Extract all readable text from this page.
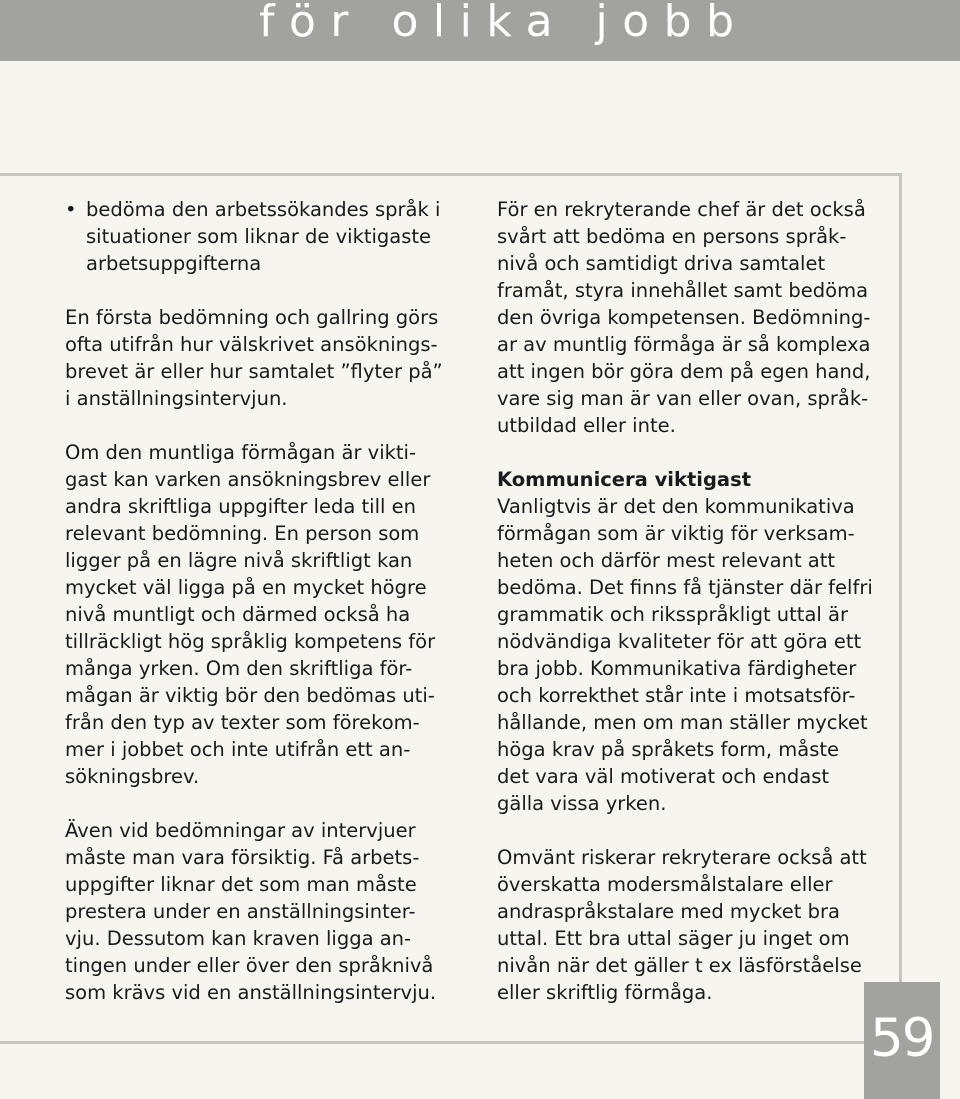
för olika jobb
• bedöma den arbetssökandes språk i
situationer som liknar de viktigaste
arbetsuppgifterna
En första bedömning och gallring görs
ofta utifrån hur välskrivet ansöknings-
brevet är eller hur samtalet ”flyter på”
i anställningsintervjun.
Om den muntliga förmågan är vikti-
gast kan varken ansökningsbrev eller
andra skriftliga uppgifter leda till en
relevant bedömning. En person som
ligger på en lägre nivå skriftligt kan
mycket väl ligga på en mycket högre
nivå muntligt och därmed också ha
tillräckligt hög språklig kompetens för
många yrken. Om den skriftliga för-
mågan är viktig bör den bedömas uti-
från den typ av texter som förekom-
mer i jobbet och inte utifrån ett an-
sökningsbrev.
Även vid bedömningar av intervjuer
måste man vara försiktig. Få arbets-
uppgifter liknar det som man måste
prestera under en anställningsinter-
vju. Dessutom kan kraven ligga an-
tingen under eller över den språknivå
som krävs vid en anställningsintervju.
För en rekryterande chef är det också
svårt att bedöma en persons språk-
nivå och samtidigt driva samtalet
framåt, styra innehållet samt bedöma
den övriga kompetensen. Bedömning-
ar av muntlig förmåga är så komplexa
att ingen bör göra dem på egen hand,
vare sig man är van eller ovan, språk-
utbildad eller inte.
Kommunicera viktigast
Vanligtvis är det den kommunikativa
förmågan som är viktig för verksam-
heten och därför mest relevant att
bedöma. Det finns få tjänster där felfri
grammatik och riksspråkligt uttal är
nödvändiga kvaliteter för att göra ett
bra jobb. Kommunikativa färdigheter
och korrekthet står inte i motsatsför-
hållande, men om man ställer mycket
höga krav på språkets form, måste
det vara väl motiverat och endast
gälla vissa yrken.
Omvänt riskerar rekryterare också att
överskatta modersmålstalare eller
andraspråkstalare med mycket bra
uttal. Ett bra uttal säger ju inget om
nivån när det gäller t ex läsförståelse
eller skriftlig förmåga.
59
